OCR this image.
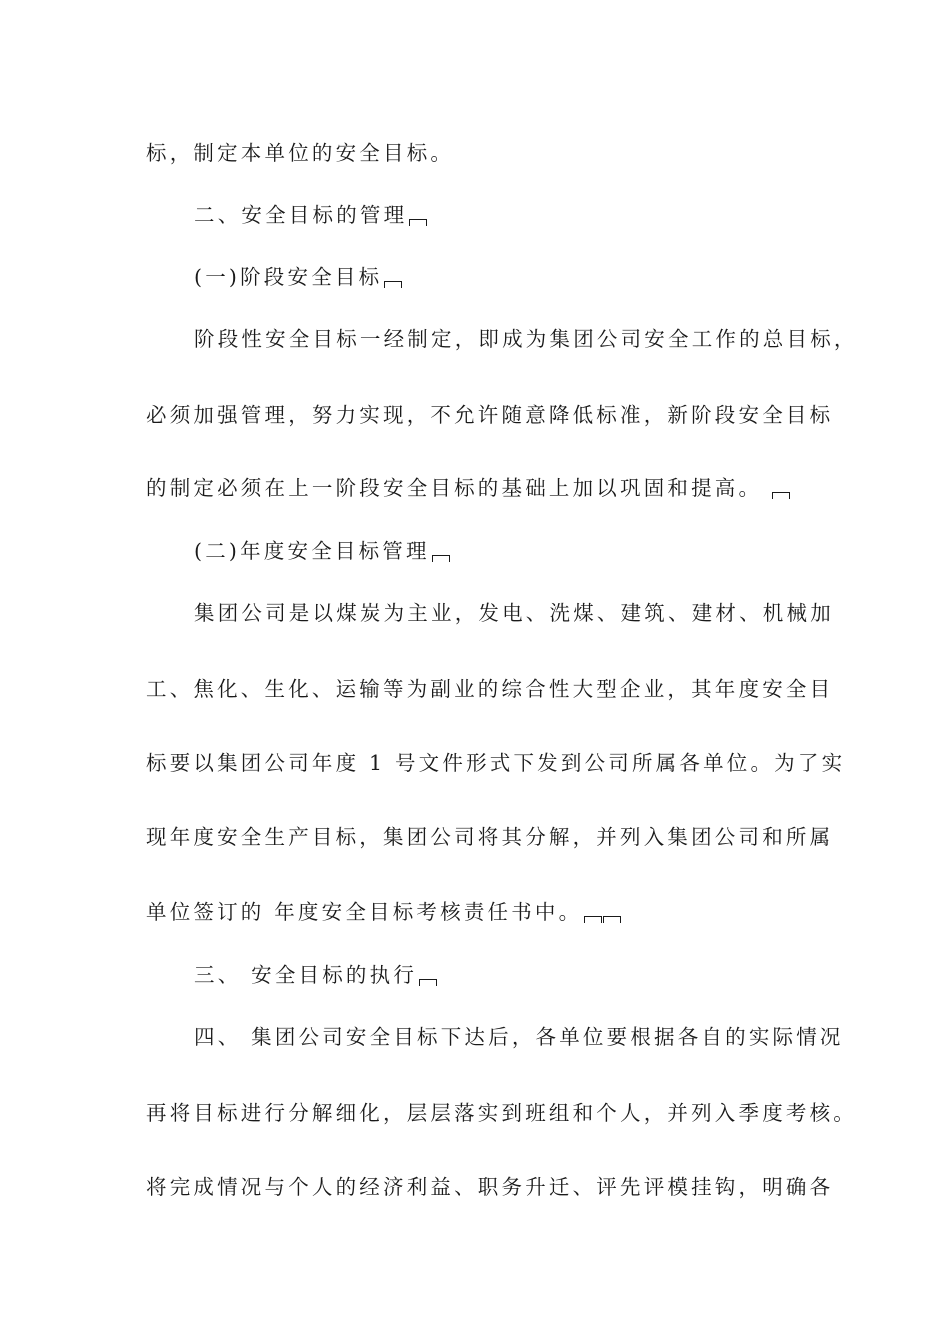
标，制定本单位的安全目标。
二、安全目标的管理
(一)阶段安全目标
阶段性安全目标一经制定，即成为集团公司安全工作的总目标，
必须加强管理，努力实现，不允许随意降低标准，新阶段安全目标
的制定必须在上一阶段安全目标的基础上加以巩固和提高。
(二)年度安全目标管理
集团公司是以煤炭为主业，发电、洗煤、建筑、建材、机械加
工、焦化、生化、运输等为副业的综合性大型企业，其年度安全目
标要以集团公司年度 1 号文件形式下发到公司所属各单位。为了实
现年度安全生产目标，集团公司将其分解，并列入集团公司和所属
单位签订的 年度安全目标考核责任书中。
三、 安全目标的执行
四、 集团公司安全目标下达后，各单位要根据各自的实际情况
再将目标进行分解细化，层层落实到班组和个人，并列入季度考核。
将完成情况与个人的经济利益、职务升迁、评先评模挂钩，明确各
